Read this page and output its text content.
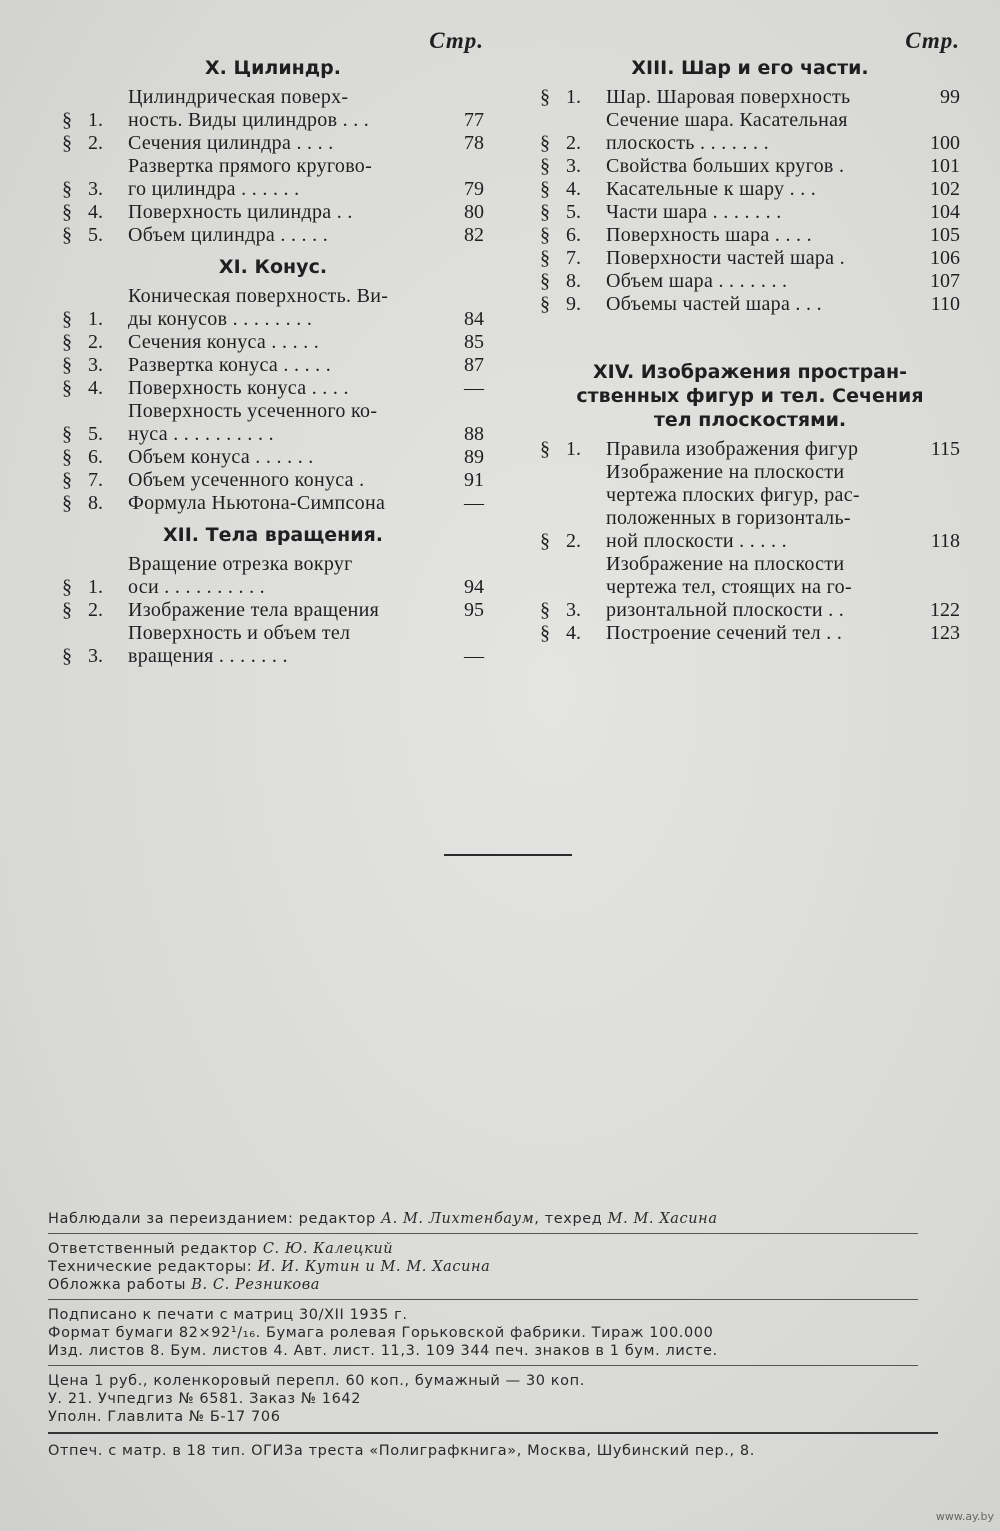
Стр.
X. Цилиндр.
§ 1.
Цилиндрическая поверх-
ность. Виды цилиндров . . .	77
§ 2.	Сечения цилиндра . . . .	78
§ 3.
Развертка прямого кругово-
го цилиндра . . . . . .	79
§ 4.	Поверхность цилиндра . .	80
§ 5.	Объем цилиндра . . . . .	82
XI. Конус.
§ 1.
Коническая поверхность. Ви-
ды конусов . . . . . . . .	84
§ 2.	Сечения конуса . . . . .	85
§ 3.	Развертка конуса . . . . .	87
§ 4.	Поверхность конуса . . . .	—
§ 5.
Поверхность усеченного ко-
нуса . . . . . . . . . .	88
§ 6.	Объем конуса . . . . . .	89
§ 7.	Объем усеченного конуса .	91
§ 8.	Формула Ньютона-Симпсона	—
XII. Тела вращения.
§ 1.
Вращение отрезка вокруг
оси . . . . . . . . . .	94
§ 2.	Изображение тела вращения	95
§ 3.
Поверхность и объем тел
вращения . . . . . . .	—
Стр.
XIII. Шар и его части.
§ 1.	Шар. Шаровая поверхность	99
§ 2.
Сечение шара. Касательная
плоскость . . . . . . .	100
§ 3.	Свойства больших кругов .	101
§ 4.	Касательные к шару . . .	102
§ 5.	Части шара . . . . . . .	104
§ 6.	Поверхность шара . . . .	105
§ 7.	Поверхности частей шара .	106
§ 8.	Объем шара . . . . . . .	107
§ 9.	Объемы частей шара . . .	110
XIV. Изображения простран-
ственных фигур и тел. Сечения
тел плоскостями.
§ 1.	Правила изображения фигур	115
§ 2.
Изображение на плоскости
чертежа плоских фигур, рас-
положенных в горизонталь-
ной плоскости . . . . .	118
§ 3.
Изображение на плоскости
чертежа тел, стоящих на го-
ризонтальной плоскости . .	122
§ 4.	Построение сечений тел . .	123
Наблюдали за переизданием: редактор А. М. Лихтенбаум, техред М. М. Хасина
Ответственный редактор С. Ю. Калецкий
Технические редакторы: И. И. Кутин и М. М. Хасина
Обложка работы В. С. Резникова
Подписано к печати с матриц 30/XII 1935 г.
Формат бумаги 82×92¹/₁₆. Бумага ролевая Горьковской фабрики. Тираж 100.000
Изд. листов 8. Бум. листов 4. Авт. лист. 11,3. 109 344 печ. знаков в 1 бум. листе.
Цена 1 руб., коленкоровый перепл. 60 коп., бумажный — 30 коп.
У. 21. Учпедгиз № 6581. Заказ № 1642
Уполн. Главлита № Б-17 706
Отпеч. с матр. в 18 тип. ОГИЗа треста «Полиграфкнига», Москва, Шубинский пер., 8.
www.ay.by
